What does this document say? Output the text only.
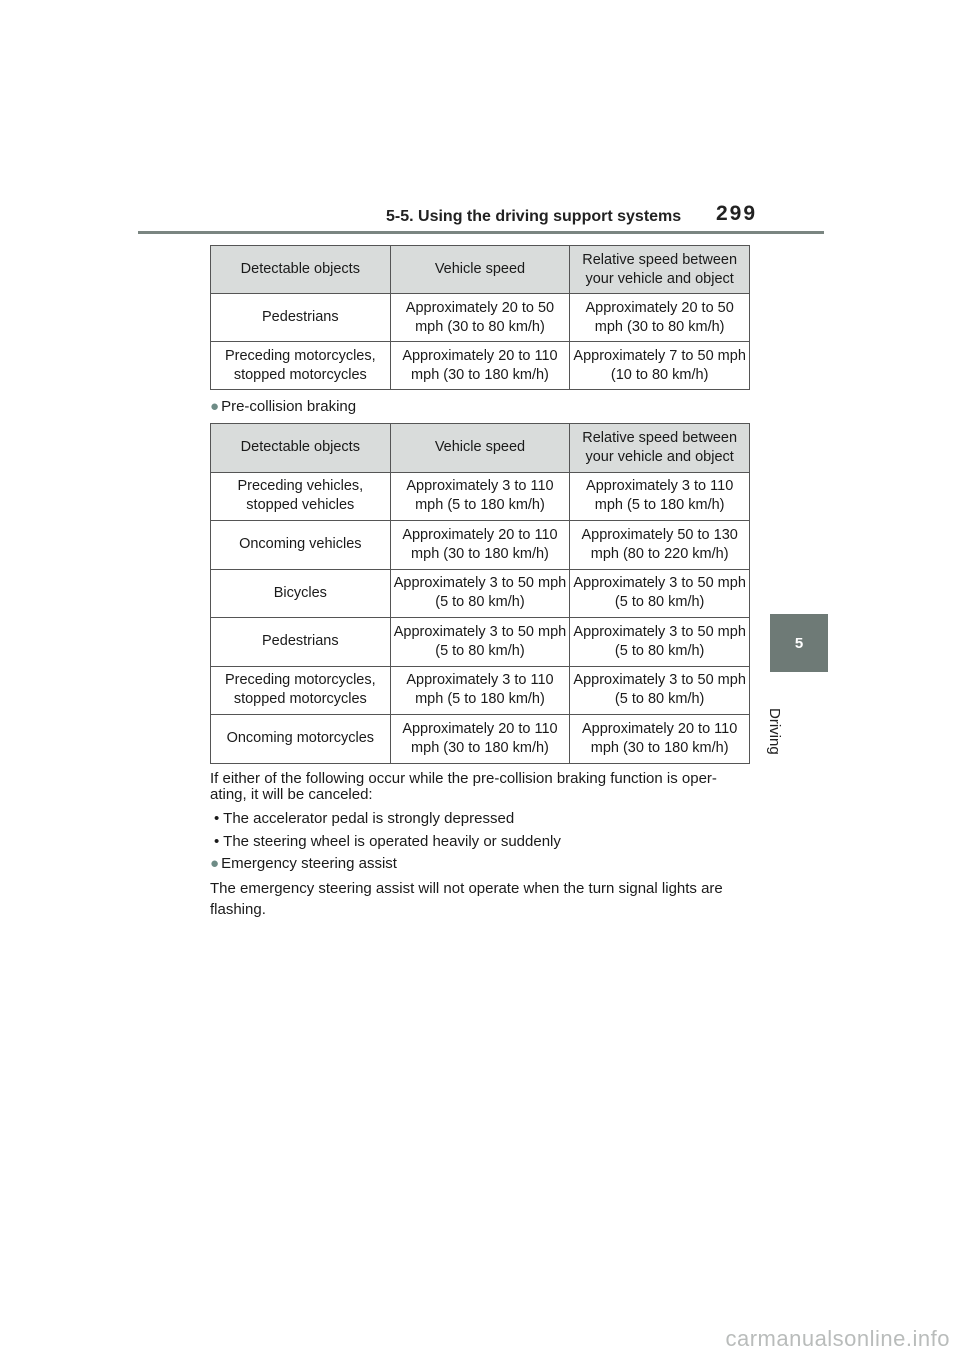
5-5. Using the driving support systems 299
5
Driving
Detectable objects	Vehicle speed	Relative speed between your vehicle and object
Pedestrians	Approximately 20 to 50 mph (30 to 80 km/h)	Approximately 20 to 50 mph (30 to 80 km/h)
Preceding motorcycles, stopped motorcycles	Approximately 20 to 110 mph (30 to 180 km/h)	Approximately 7 to 50 mph (10 to 80 km/h)
● Pre-collision braking
Detectable objects	Vehicle speed	Relative speed between your vehicle and object
Preceding vehicles, stopped vehicles	Approximately 3 to 110 mph (5 to 180 km/h)	Approximately 3 to 110 mph (5 to 180 km/h)
Oncoming vehicles	Approximately 20 to 110 mph (30 to 180 km/h)	Approximately 50 to 130 mph (80 to 220 km/h)
Bicycles	Approximately 3 to 50 mph (5 to 80 km/h)	Approximately 3 to 50 mph (5 to 80 km/h)
Pedestrians	Approximately 3 to 50 mph (5 to 80 km/h)	Approximately 3 to 50 mph (5 to 80 km/h)
Preceding motorcycles, stopped motorcycles	Approximately 3 to 110 mph (5 to 180 km/h)	Approximately 3 to 50 mph (5 to 80 km/h)
Oncoming motorcycles	Approximately 20 to 110 mph (30 to 180 km/h)	Approximately 20 to 110 mph (30 to 180 km/h)
If either of the following occur while the pre-collision braking function is oper-ating, it will be canceled:
• The accelerator pedal is strongly depressed
• The steering wheel is operated heavily or suddenly
● Emergency steering assist
The emergency steering assist will not operate when the turn signal lights are flashing.
carmanualsonline.info
